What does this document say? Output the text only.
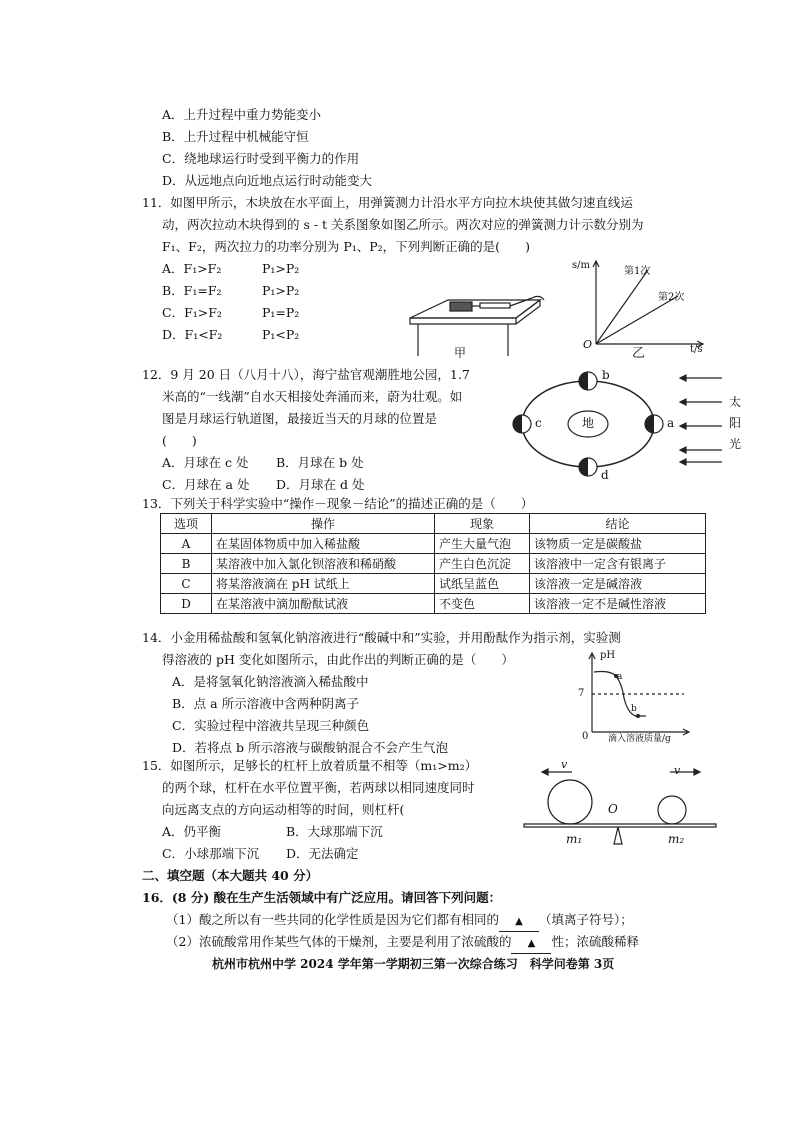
A．上升过程中重力势能变小
B．上升过程中机械能守恒
C．绕地球运行时受到平衡力的作用
D．从远地点向近地点运行时动能变大
11．如图甲所示，木块放在水平面上，用弹簧测力计沿水平方向拉木块使其做匀速直线运
动，两次拉动木块得到的 s - t 关系图象如图乙所示。两次对应的弹簧测力计示数分别为
F₁、F₂，两次拉力的功率分别为 P₁、P₂，下列判断正确的是(　　)
A．F₁>F₂	P₁>P₂
B．F₁=F₂	P₁>P₂
C．F₁>F₂	P₁=P₂
D．F₁<F₂	P₁<P₂
甲
s/m
第1次
第2次
O
乙	t/s
12．9 月 20 日（八月十八），海宁盐官观潮胜地公园，1.7
米高的“一线潮”自水天相接处奔涌而来，蔚为壮观。如
图是月球运行轨道图，最接近当天的月球的位置是
(　　)
A．月球在 c 处 B．月球在 b 处
C．月球在 a 处 D．月球在 d 处
地
b
d
c	a
太
阳
光
13．下列关于科学实验中“操作－现象－结论”的描述正确的是（　　）
选项	操作	现象	结论
A	在某固体物质中加入稀盐酸	产生大量气泡	该物质一定是碳酸盐
B	某溶液中加入氯化钡溶液和稀硝酸	产生白色沉淀	该溶液中一定含有银离子
C	将某溶液滴在 pH 试纸上	试纸呈蓝色	该溶液一定是碱溶液
D	在某溶液中滴加酚酞试液	不变色	该溶液一定不是碱性溶液
14．小金用稀盐酸和氢氧化钠溶液进行“酸碱中和”实验，并用酚酞作为指示剂，实验测
得溶液的 pH 变化如图所示，由此作出的判断正确的是（　　）
A．是将氢氧化钠溶液滴入稀盐酸中
B．点 a 所示溶液中含两种阴离子
C．实验过程中溶液共呈现三种颜色
D．若将点 b 所示溶液与碳酸钠混合不会产生气泡
pH
7
a
b
0 滴入溶液质量/g
15．如图所示，足够长的杠杆上放着质量不相等（m₁>m₂）
的两个球，杠杆在水平位置平衡，若两球以相同速度同时
向远离支点的方向运动相等的时间，则杠杆(
A．仍平衡	B．大球那端下沉
C．小球那端下沉 D．无法确定
v	v
O
m₁	m₂
二、填空题（本大题共 40 分）
16．(8 分) 酸在生产生活领域中有广泛应用。请回答下列问题：
（1）酸之所以有一些共同的化学性质是因为它们都有相同的 ▲ （填离子符号）；
（2）浓硫酸常用作某些气体的干燥剂，主要是利用了浓硫酸的 ▲ 性；浓硫酸稀释
杭州市杭州中学 2024 学年第一学期初三第一次综合练习　科学问卷第 3页
